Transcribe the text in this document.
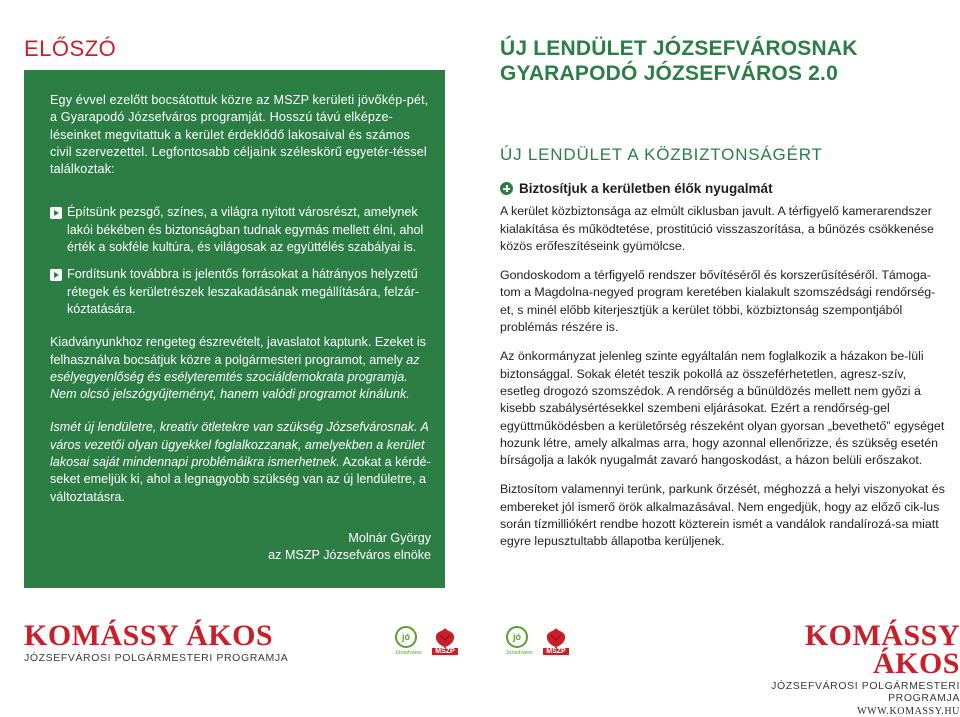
ELŐSZÓ

Egy évvel ezelőtt bocsátottuk közre az MSZP kerületi jövőkép-pét, a Gyarapodó Józsefváros programját. Hosszú távú elképze-léseinket megvitattuk a kerület érdeklődő lakosaival és számos civil szervezettel. Legfontosabb céljaink széleskörű egyetér-téssel találkoztak:

Építsünk pezsgő, színes, a világra nyitott városrészt, amelynek lakói békében és biztonságban tudnak egymás mellett élni, ahol érték a sokféle kultúra, és világosak az együttélés szabályai is.
Fordítsunk továbbra is jelentős forrásokat a hátrányos helyzetű rétegek és kerületrészek leszakadásának megállítására, felzár-kóztatására.

Kiadványunkhoz rengeteg észrevételt, javaslatot kaptunk. Ezeket is felhasználva bocsátjuk közre a polgármesteri programot, amely az esélyegyenlőség és esélyteremtés szociáldemokrata programja. Nem olcsó jelszógyűjteményt, hanem valódi programot kínálunk.

Ismét új lendületre, kreatív ötletekre van szükség Józsefvárosnak. A város vezetői olyan ügyekkel foglalkozzanak, amelyekben a kerület lakosai saját mindennapi problémáikra ismerhetnek. Azokat a kérdé-seket emeljük ki, ahol a legnagyobb szükség van az új lendületre, a változtatásra.

Molnár György
az MSZP Józsefváros elnöke
KOMÁSSY ÁKOS
JÓZSEFVÁROSI POLGÁRMESTERI PROGRAMJA
jó
Józsefváros	MSZP
ÚJ LENDÜLET JÓZSEFVÁROSNAK
GYARAPODÓ JÓZSEFVÁROS 2.0
ÚJ LENDÜLET A KÖZBIZTONSÁGÉRT
Biztosítjuk a kerületben élők nyugalmát

A kerület közbiztonsága az elmúlt ciklusban javult. A térfigyelő kamerarendszer kialakítása és működtetése, prostitúció visszaszorítása, a bűnözés csökkenése közös erőfeszítéseink gyümölcse.

Gondoskodom a térfigyelő rendszer bővítéséről és korszerűsítéséről. Támoga-tom a Magdolna-negyed program keretében kialakult szomszédsági rendőrség-et, s minél előbb kiterjesztjük a kerület többi, közbiztonság szempontjából problémás részére is.

Az önkormányzat jelenleg szinte egyáltalán nem foglalkozik a házakon be-lüli biztonsággal. Sokak életét teszik pokollá az összeférhetetlen, agresz-szív, esetleg drogozó szomszédok. A rendőrség a bűnüldözés mellett nem győzi a kisebb szabálysértésekkel szembeni eljárásokat. Ezért a rendőrség-gel együttműködésben a kerületőrség részeként olyan gyorsan „bevethető” egységet hozunk létre, amely alkalmas arra, hogy azonnal ellenőrizze, és szükség esetén bírságolja a lakók nyugalmát zavaró hangoskodást, a házon belüli erőszakot.

Biztosítom valamennyi terünk, parkunk őrzését, méghozzá a helyi viszonyokat és embereket jól ismerő örök alkalmazásával. Nem engedjük, hogy az előző cik-lus során tízmilliókért rendbe hozott közterein ismét a vandálok randalírozá-sa miatt egyre lepusztultabb állapotba kerüljenek.

jó
Józsefváros	MSZP	KOMÁSSY ÁKOS
JÓZSEFVÁROSI POLGÁRMESTERI PROGRAMJA
WWW.KOMASSY.HU
